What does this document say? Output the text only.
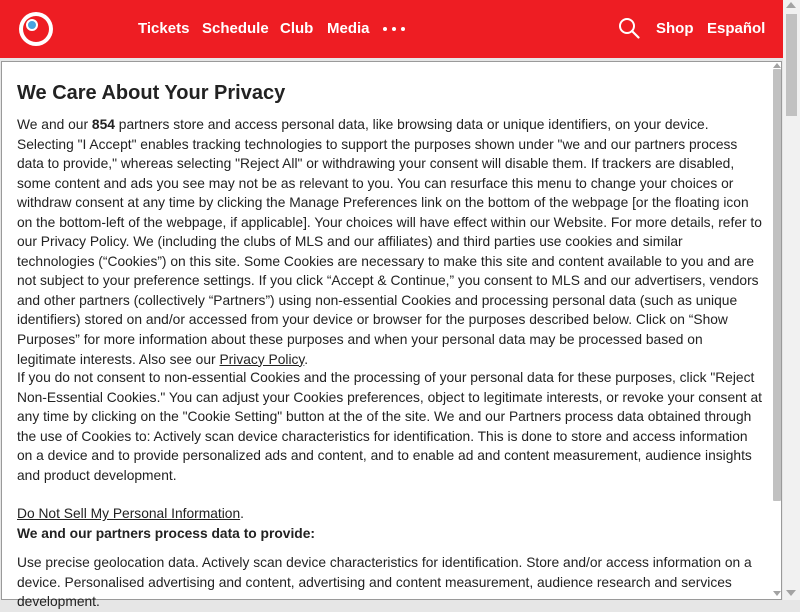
Tickets Schedule Club Media	Shop Español
We Care About Your Privacy

We and our 854 partners store and access personal data, like browsing data or unique identifiers, on your device. Selecting "I Accept" enables tracking technologies to support the purposes shown under "we and our partners process data to provide," whereas selecting "Reject All" or withdrawing your consent will disable them. If trackers are disabled, some content and ads you see may not be as relevant to you. You can resurface this menu to change your choices or withdraw consent at any time by clicking the Manage Preferences link on the bottom of the webpage [or the floating icon on the bottom-left of the webpage, if applicable]. Your choices will have effect within our Website. For more details, refer to our Privacy Policy. We (including the clubs of MLS and our affiliates) and third parties use cookies and similar technologies (“Cookies”) on this site. Some Cookies are necessary to make this site and content available to you and are not subject to your preference settings. If you click “Accept & Continue,” you consent to MLS and our advertisers, vendors and other partners (collectively “Partners”) using non-essential Cookies and processing personal data (such as unique identifiers) stored on and/or accessed from your device or browser for the purposes described below. Click on “Show Purposes” for more information about these purposes and when your personal data may be processed based on legitimate interests. Also see our Privacy Policy.

If you do not consent to non-essential Cookies and the processing of your personal data for these purposes, click "Reject Non-Essential Cookies." You can adjust your Cookies preferences, object to legitimate interests, or revoke your consent at any time by clicking on the "Cookie Setting" button at the of the site. We and our Partners process data obtained through the use of Cookies to: Actively scan device characteristics for identification. This is done to store and access information on a device and to provide personalized ads and content, and to enable ad and content measurement, audience insights and product development.

Do Not Sell My Personal Information.

We and our partners process data to provide:

Use precise geolocation data. Actively scan device characteristics for identification. Store and/or access information on a device. Personalised advertising and content, advertising and content measurement, audience research and services development.
